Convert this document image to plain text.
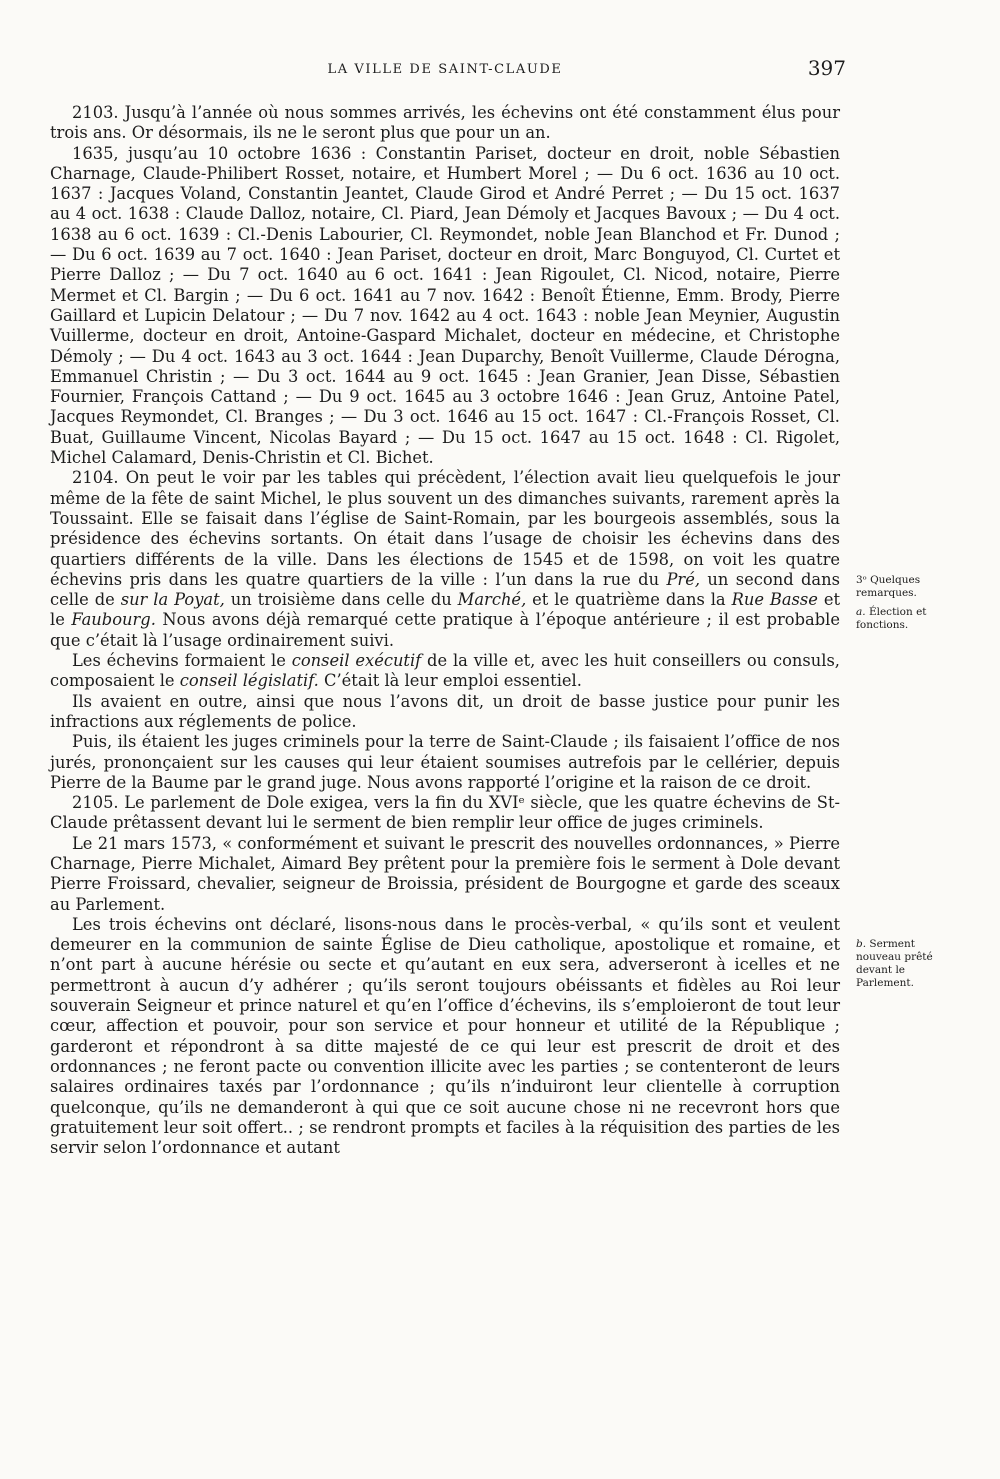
LA VILLE DE SAINT-CLAUDE	397

2103. Jusqu’à l’année où nous sommes arrivés, les échevins ont été constamment élus pour trois ans. Or désormais, ils ne le seront plus que pour un an.

1635, jusqu’au 10 octobre 1636 : Constantin Pariset, docteur en droit, noble Sébastien Charnage, Claude-Philibert Rosset, notaire, et Humbert Morel ; — Du 6 oct. 1636 au 10 oct. 1637 : Jacques Voland, Constantin Jeantet, Claude Girod et André Perret ; — Du 15 oct. 1637 au 4 oct. 1638 : Claude Dalloz, notaire, Cl. Piard, Jean Démoly et Jacques Bavoux ; — Du 4 oct. 1638 au 6 oct. 1639 : Cl.-Denis Labourier, Cl. Reymondet, noble Jean Blanchod et Fr. Dunod ; — Du 6 oct. 1639 au 7 oct. 1640 : Jean Pariset, docteur en droit, Marc Bonguyod, Cl. Curtet et Pierre Dalloz ; — Du 7 oct. 1640 au 6 oct. 1641 : Jean Rigoulet, Cl. Nicod, notaire, Pierre Mermet et Cl. Bargin ; — Du 6 oct. 1641 au 7 nov. 1642 : Benoît Étienne, Emm. Brody, Pierre Gaillard et Lupicin Delatour ; — Du 7 nov. 1642 au 4 oct. 1643 : noble Jean Meynier, Augustin Vuillerme, docteur en droit, Antoine-Gaspard Michalet, docteur en médecine, et Christophe Démoly ; — Du 4 oct. 1643 au 3 oct. 1644 : Jean Duparchy, Benoît Vuillerme, Claude Dérogna, Emmanuel Christin ; — Du 3 oct. 1644 au 9 oct. 1645 : Jean Granier, Jean Disse, Sébastien Fournier, François Cattand ; — Du 9 oct. 1645 au 3 octobre 1646 : Jean Gruz, Antoine Patel, Jacques Reymondet, Cl. Branges ; — Du 3 oct. 1646 au 15 oct. 1647 : Cl.-François Rosset, Cl. Buat, Guillaume Vincent, Nicolas Bayard ; — Du 15 oct. 1647 au 15 oct. 1648 : Cl. Rigolet, Michel Calamard, Denis-Christin et Cl. Bichet.

2104. On peut le voir par les tables qui précèdent, l’élection avait lieu quelquefois le jour même de la fête de saint Michel, le plus souvent un des dimanches suivants, rarement après la Toussaint. Elle se faisait dans l’église de Saint-Romain, par les bourgeois assemblés, sous la présidence des échevins sortants. On était dans l’usage de choisir les échevins dans des quartiers différents de la ville. Dans les élections de 1545 et de 1598, on voit les quatre échevins pris dans les quatre quartiers de la ville : l’un dans la rue du Pré, un second dans celle de sur la Poyat, un troisième dans celle du Marché, et le quatrième dans la Rue Basse et le Faubourg. Nous avons déjà remarqué cette pratique à l’époque antérieure ; il est probable que c’était là l’usage ordinairement suivi.

Les échevins formaient le conseil exécutif de la ville et, avec les huit conseillers ou consuls, composaient le conseil législatif. C’était là leur emploi essentiel.

Ils avaient en outre, ainsi que nous l’avons dit, un droit de basse justice pour punir les infractions aux réglements de police.

Puis, ils étaient les juges criminels pour la terre de Saint-Claude ; ils faisaient l’office de nos jurés, prononçaient sur les causes qui leur étaient soumises autrefois par le cellérier, depuis Pierre de la Baume par le grand juge. Nous avons rapporté l’origine et la raison de ce droit.

2105. Le parlement de Dole exigea, vers la fin du XVIᵉ siècle, que les quatre échevins de St-Claude prêtassent devant lui le serment de bien remplir leur office de juges criminels.

Le 21 mars 1573, « conformément et suivant le prescrit des nouvelles ordonnances, » Pierre Charnage, Pierre Michalet, Aimard Bey prêtent pour la première fois le serment à Dole devant Pierre Froissard, chevalier, seigneur de Broissia, président de Bourgogne et garde des sceaux au Parlement.

Les trois échevins ont déclaré, lisons-nous dans le procès-verbal, « qu’ils sont et veulent demeurer en la communion de sainte Église de Dieu catholique, apostolique et romaine, et n’ont part à aucune hérésie ou secte et qu’autant en eux sera, adverseront à icelles et ne permettront à aucun d’y adhérer ; qu’ils seront toujours obéissants et fidèles au Roi leur souverain Seigneur et prince naturel et qu’en l’office d’échevins, ils s’emploieront de tout leur cœur, affection et pouvoir, pour son service et pour honneur et utilité de la République ; garderont et répondront à sa ditte majesté de ce qui leur est prescrit de droit et des ordonnances ; ne feront pacte ou convention illicite avec les parties ; se contenteront de leurs salaires ordinaires taxés par l’ordonnance ; qu’ils n’induiront leur clientelle à corruption quelconque, qu’ils ne demanderont à qui que ce soit aucune chose ni ne recevront hors que gratuitement leur soit offert.. ; se rendront prompts et faciles à la réquisition des parties de les servir selon l’ordonnance et autant

3ᵒ Quelques remarques.
a. Élection et fonctions.
b. Serment nouveau prêté devant le Parlement.
